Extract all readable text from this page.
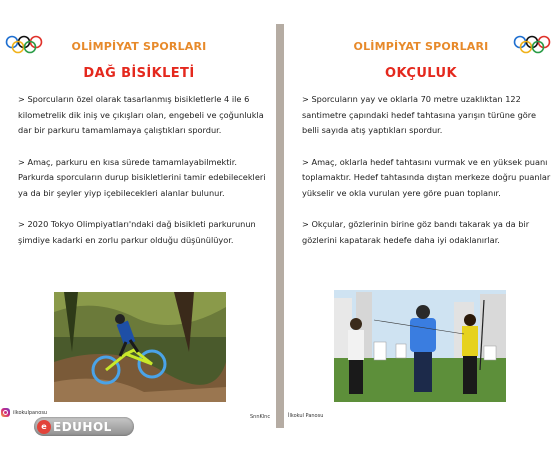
OLİMPİYAT SPORLARI
DAĞ BİSİKLETİ

> Sporcuların özel olarak tasarlanmış bisikletlerle 4 ile 6 kilometrelik dik iniş ve çıkışları olan, engebeli ve çoğunlukla dar bir parkuru tamamlamaya çalıştıkları spordur.

> Amaç, parkuru en kısa sürede tamamlayabilmektir. Parkurda sporcuların durup bisikletlerini tamir edebilecekleri ya da bir şeyler yiyp içebilecekleri alanlar bulunur.

> 2020 Tokyo Olimpiyatları'ndaki dağ bisikleti parkurunun şimdiye kadarki en zorlu parkur olduğu düşünülüyor.

ilkokulpanosu
e EDUHOL
SnnKlnc
OLİMPİYAT SPORLARI
OKÇULUK

> Sporcuların yay ve oklarla 70 metre uzaklıktan 122 santimetre çapındaki hedef tahtasına yarışın türüne göre belli sayıda atış yaptıkları spordur.

> Amaç, oklarla hedef tahtasını vurmak ve en yüksek puanı toplamaktır. Hedef tahtasında dıştan merkeze doğru puanlar yükselir ve okla vurulan yere göre puan toplanır.

> Okçular, gözlerinin birine göz bandı takarak ya da bir gözlerini kapatarak hedefe daha iyi odaklanırlar.

İlkokul Panosu
